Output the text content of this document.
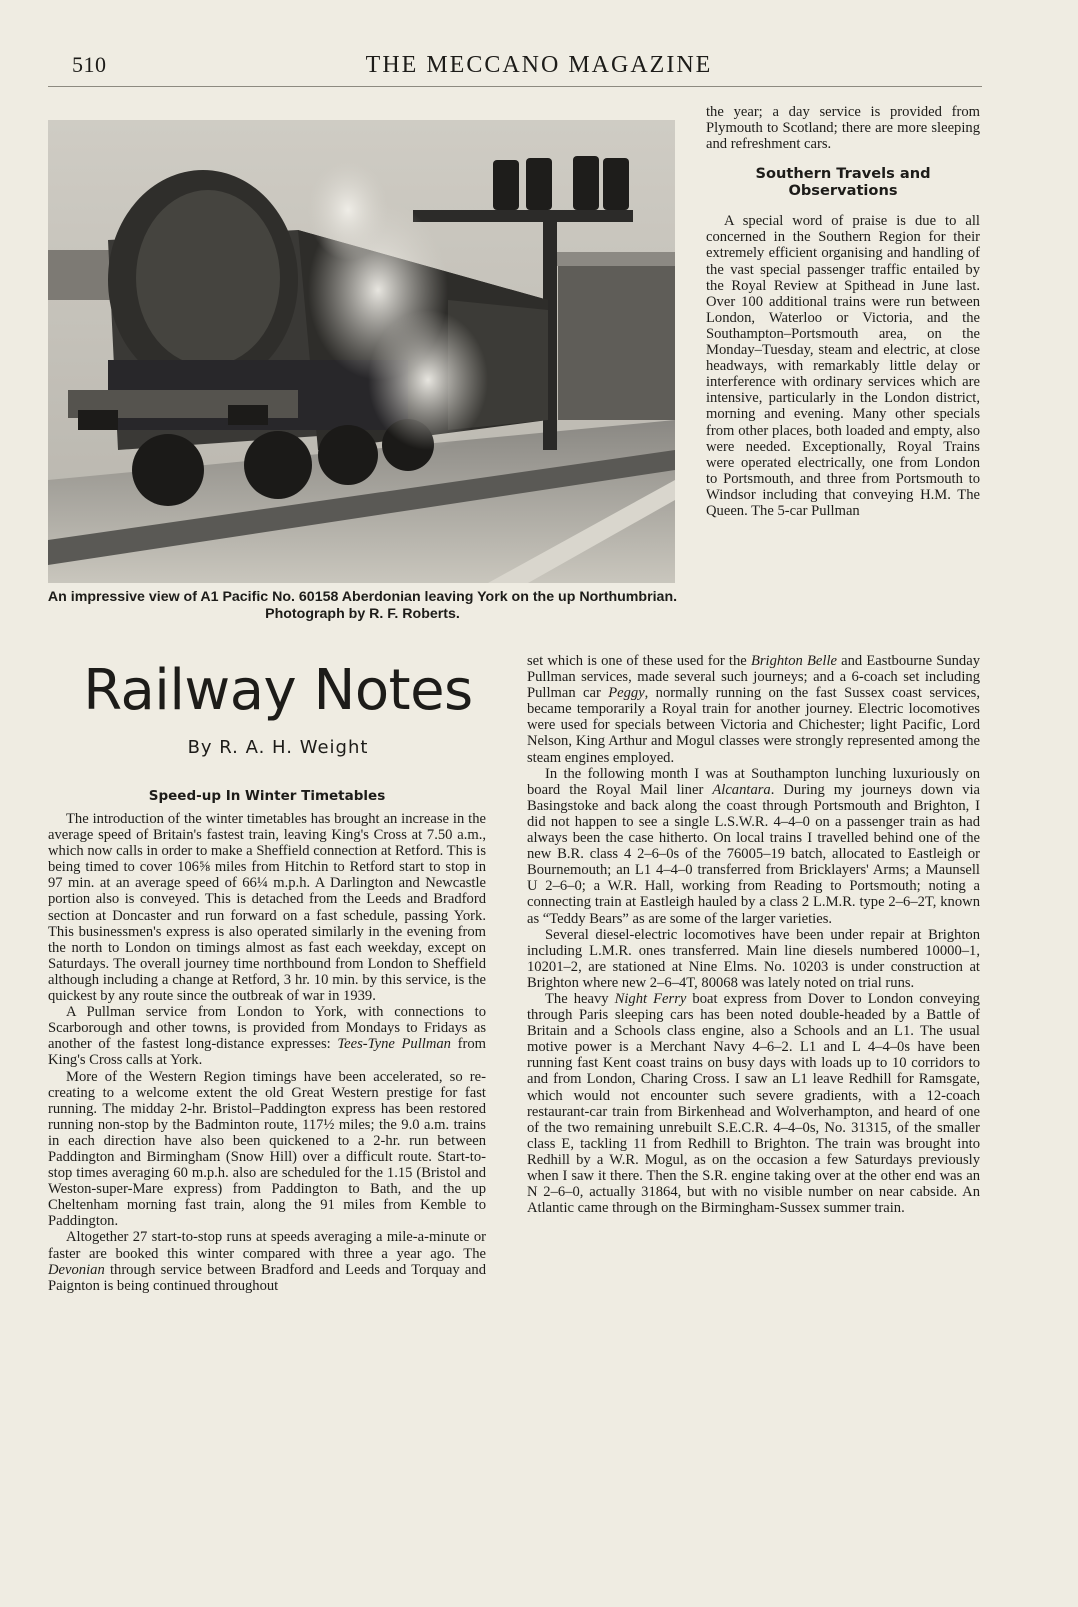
510	THE MECCANO MAGAZINE
An impressive view of A1 Pacific No. 60158 Aberdonian leaving York on the up Northumbrian. Photograph by R. F. Roberts.
Railway Notes
By R. A. H. Weight
Speed-up In Winter Timetables

The introduction of the winter timetables has brought an increase in the average speed of Britain's fastest train, leaving King's Cross at 7.50 a.m., which now calls in order to make a Sheffield connection at Retford. This is being timed to cover 106⅝ miles from Hitchin to Retford start to stop in 97 min. at an average speed of 66¼ m.p.h. A Darlington and Newcastle portion also is conveyed. This is detached from the Leeds and Bradford section at Doncaster and run forward on a fast schedule, passing York. This businessmen's express is also operated similarly in the evening from the north to London on timings almost as fast each weekday, except on Saturdays. The overall journey time northbound from London to Sheffield although including a change at Retford, 3 hr. 10 min. by this service, is the quickest by any route since the outbreak of war in 1939.

A Pullman service from London to York, with connections to Scarborough and other towns, is provided from Mondays to Fridays as another of the fastest long-distance expresses: Tees-Tyne Pullman from King's Cross calls at York.

More of the Western Region timings have been accelerated, so re-creating to a welcome extent the old Great Western prestige for fast running. The midday 2-hr. Bristol–Paddington express has been restored running non-stop by the Badminton route, 117½ miles; the 9.0 a.m. trains in each direction have also been quickened to a 2-hr. run between Paddington and Birmingham (Snow Hill) over a difficult route. Start-to-stop times averaging 60 m.p.h. also are scheduled for the 1.15 (Bristol and Weston-super-Mare express) from Paddington to Bath, and the up Cheltenham morning fast train, along the 91 miles from Kemble to Paddington.

Altogether 27 start-to-stop runs at speeds averaging a mile-a-minute or faster are booked this winter compared with three a year ago. The Devonian through service between Bradford and Leeds and Torquay and Paignton is being continued throughout

the year; a day service is provided from Plymouth to Scotland; there are more sleeping and refreshment cars.

Southern Travels and Observations

A special word of praise is due to all concerned in the Southern Region for their extremely efficient organising and handling of the vast special passenger traffic entailed by the Royal Review at Spithead in June last. Over 100 additional trains were run between London, Waterloo or Victoria, and the Southampton–Portsmouth area, on the Monday–Tuesday, steam and electric, at close headways, with remarkably little delay or interference with ordinary services which are intensive, particularly in the London district, morning and evening. Many other specials from other places, both loaded and empty, also were needed. Exceptionally, Royal Trains were operated electrically, one from London to Portsmouth, and three from Portsmouth to Windsor including that conveying H.M. The Queen. The 5-car Pullman

set which is one of these used for the Brighton Belle and Eastbourne Sunday Pullman services, made several such journeys; and a 6-coach set including Pullman car Peggy, normally running on the fast Sussex coast services, became temporarily a Royal train for another journey. Electric locomotives were used for specials between Victoria and Chichester; light Pacific, Lord Nelson, King Arthur and Mogul classes were strongly represented among the steam engines employed.

In the following month I was at Southampton lunching luxuriously on board the Royal Mail liner Alcantara. During my journeys down via Basingstoke and back along the coast through Portsmouth and Brighton, I did not happen to see a single L.S.W.R. 4–4–0 on a passenger train as had always been the case hitherto. On local trains I travelled behind one of the new B.R. class 4 2–6–0s of the 76005–19 batch, allocated to Eastleigh or Bournemouth; an L1 4–4–0 transferred from Bricklayers' Arms; a Maunsell U 2–6–0; a W.R. Hall, working from Reading to Portsmouth; noting a connecting train at Eastleigh hauled by a class 2 L.M.R. type 2–6–2T, known as “Teddy Bears” as are some of the larger varieties.

Several diesel-electric locomotives have been under repair at Brighton including L.M.R. ones transferred. Main line diesels numbered 10000–1, 10201–2, are stationed at Nine Elms. No. 10203 is under construction at Brighton where new 2–6–4T, 80068 was lately noted on trial runs.

The heavy Night Ferry boat express from Dover to London conveying through Paris sleeping cars has been noted double-headed by a Battle of Britain and a Schools class engine, also a Schools and an L1. The usual motive power is a Merchant Navy 4–6–2. L1 and L 4–4–0s have been running fast Kent coast trains on busy days with loads up to 10 corridors to and from London, Charing Cross. I saw an L1 leave Redhill for Ramsgate, which would not encounter such severe gradients, with a 12-coach restaurant-car train from Birkenhead and Wolverhampton, and heard of one of the two remaining unrebuilt S.E.C.R. 4–4–0s, No. 31315, of the smaller class E, tackling 11 from Redhill to Brighton. The train was brought into Redhill by a W.R. Mogul, as on the occasion a few Saturdays previously when I saw it there. Then the S.R. engine taking over at the other end was an N 2–6–0, actually 31864, but with no visible number on near cabside. An Atlantic came through on the Birmingham-Sussex summer train.
